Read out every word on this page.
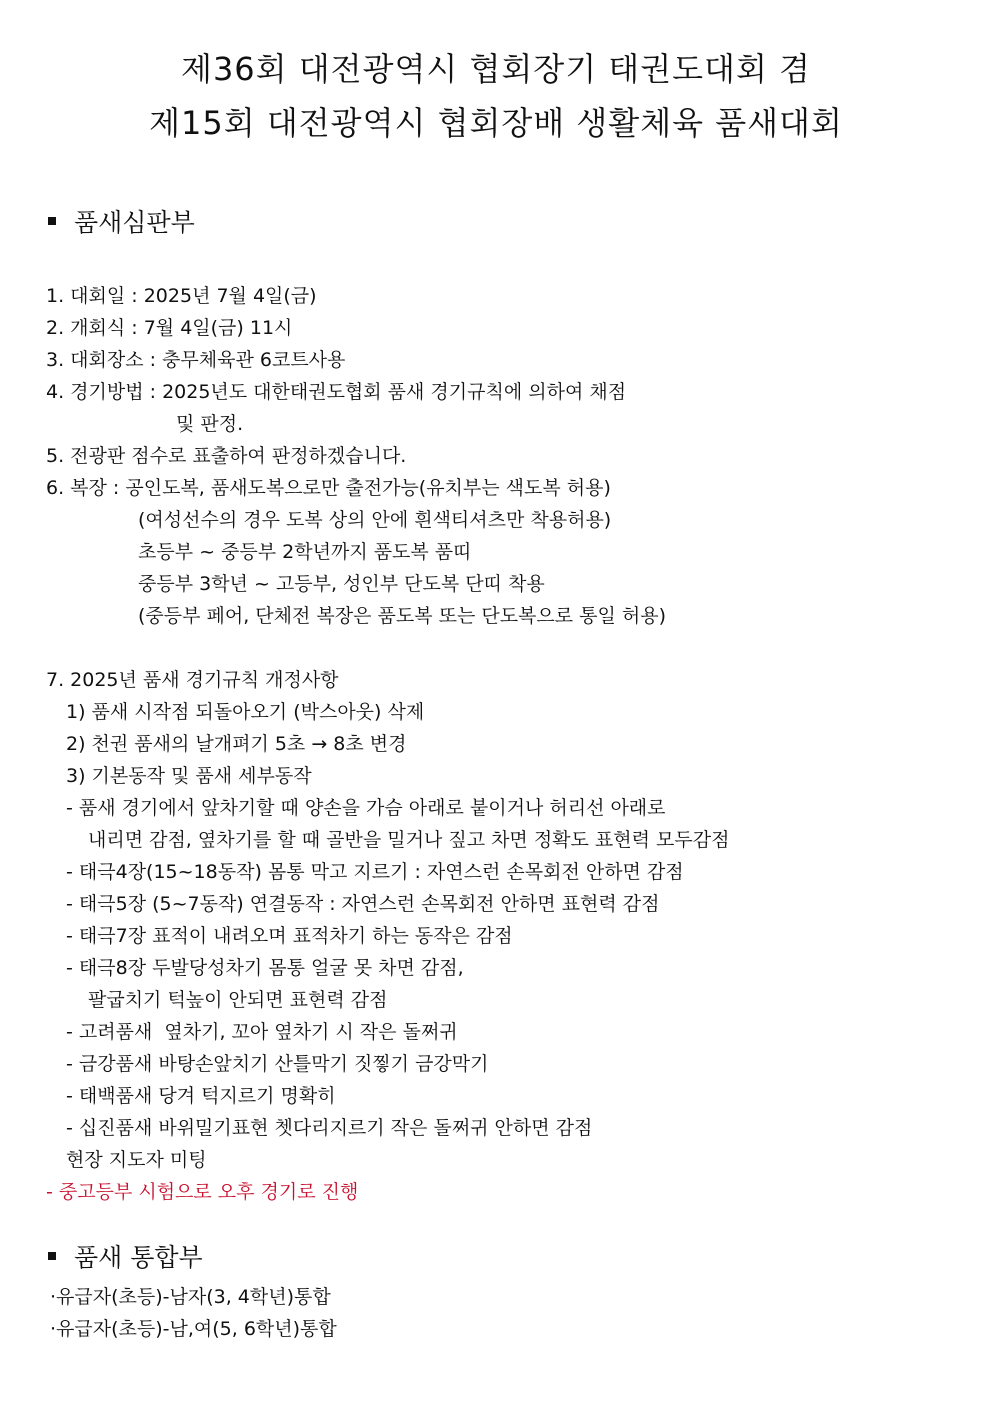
제36회 대전광역시 협회장기 태권도대회 겸
제15회 대전광역시 협회장배 생활체육 품새대회
품새심판부
1. 대회일 : 2025년 7월 4일(금)
2. 개회식 : 7월 4일(금) 11시
3. 대회장소 : 충무체육관 6코트사용
4. 경기방법 : 2025년도 대한태권도협회 품새 경기규칙에 의하여 채점
및 판정.
5. 전광판 점수로 표출하여 판정하겠습니다.
6. 복장 : 공인도복, 품새도복으로만 출전가능(유치부는 색도복 허용)
(여성선수의 경우 도복 상의 안에 흰색티셔츠만 착용허용)
초등부 ~ 중등부 2학년까지 품도복 품띠
중등부 3학년 ~ 고등부, 성인부 단도복 단띠 착용
(중등부 페어, 단체전 복장은 품도복 또는 단도복으로 통일 허용)
7. 2025년 품새 경기규칙 개정사항
1) 품새 시작점 되돌아오기 (박스아웃) 삭제
2) 천권 품새의 날개펴기 5초 → 8초 변경
3) 기본동작 및 품새 세부동작
- 품새 경기에서 앞차기할 때 양손을 가슴 아래로 붙이거나 허리선 아래로
내리면 감점, 옆차기를 할 때 골반을 밀거나 짚고 차면 정확도 표현력 모두감점
- 태극4장(15~18동작) 몸통 막고 지르기 : 자연스런 손목회전 안하면 감점
- 태극5장 (5~7동작) 연결동작 : 자연스런 손목회전 안하면 표현력 감점
- 태극7장 표적이 내려오며 표적차기 하는 동작은 감점
- 태극8장 두발당성차기 몸통 얼굴 못 차면 감점,
팔굽치기 턱높이 안되면 표현력 감점
- 고려품새  옆차기, 꼬아 옆차기 시 작은 돌쩌귀
- 금강품새 바탕손앞치기 산틀막기 짓찧기 금강막기
- 태백품새 당겨 턱지르기 명확히
- 십진품새 바위밀기표현 쳇다리지르기 작은 돌쩌귀 안하면 감점
현장 지도자 미팅
- 중고등부 시험으로 오후 경기로 진행
품새 통합부
·유급자(초등)-남자(3, 4학년)통합
·유급자(초등)-남,여(5, 6학년)통합
